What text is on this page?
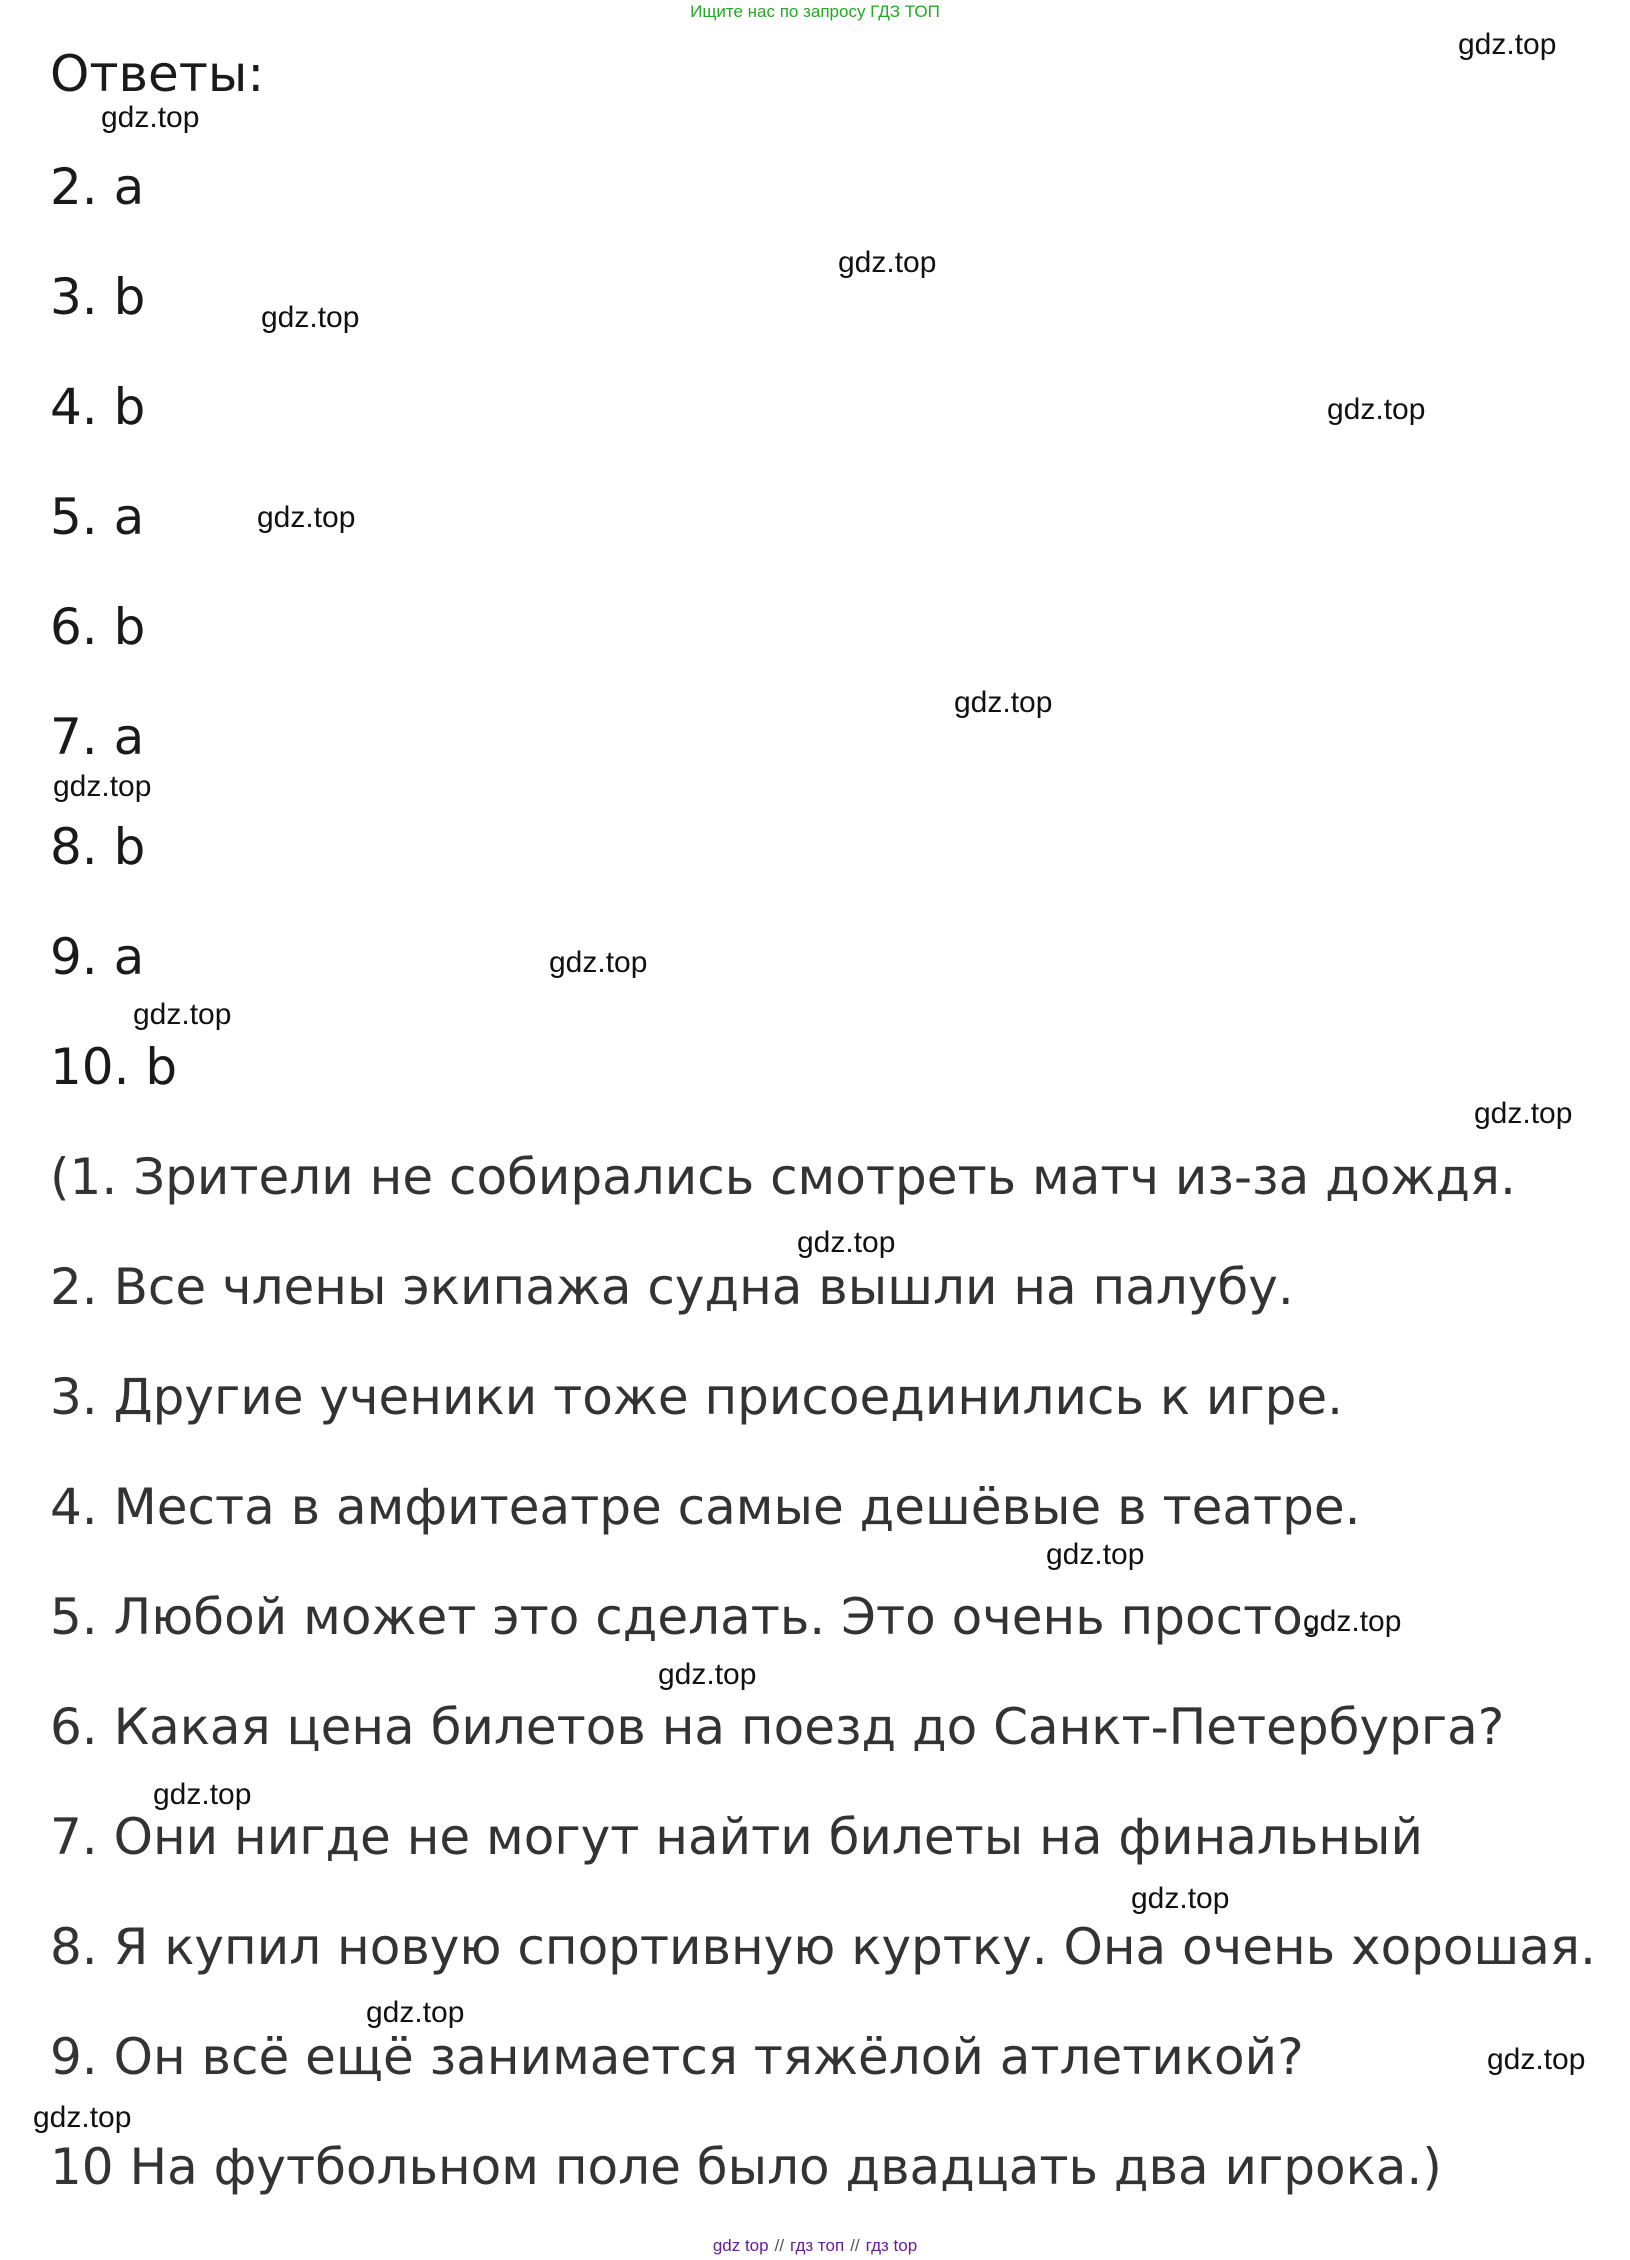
Ищите нас по запросу ГДЗ ТОП
Ответы:
2. a
3. b
4. b
5. a
6. b
7. a
8. b
9. a
10. b
(1. Зрители не собирались смотреть матч из-за дождя.
2. Все члены экипажа судна вышли на палубу.
3. Другие ученики тоже присоединились к игре.
4. Места в амфитеатре самые дешёвые в театре.
5. Любой может это сделать. Это очень просто.
6. Какая цена билетов на поезд до Санкт-Петербурга?
7. Они нигде не могут найти билеты на финальный
8. Я купил новую спортивную куртку. Она очень хорошая.
9. Он всё ещё занимается тяжёлой атлетикой?
10 На футбольном поле было двадцать два игрока.)
gdz.top
gdz.top
gdz.top
gdz.top
gdz.top
gdz.top
gdz.top
gdz.top
gdz.top
gdz.top
gdz.top
gdz.top
gdz.top
gdz.top
gdz.top
gdz.top
gdz.top
gdz.top
gdz.top
gdz.top
gdz top // гдз топ // гдз top
